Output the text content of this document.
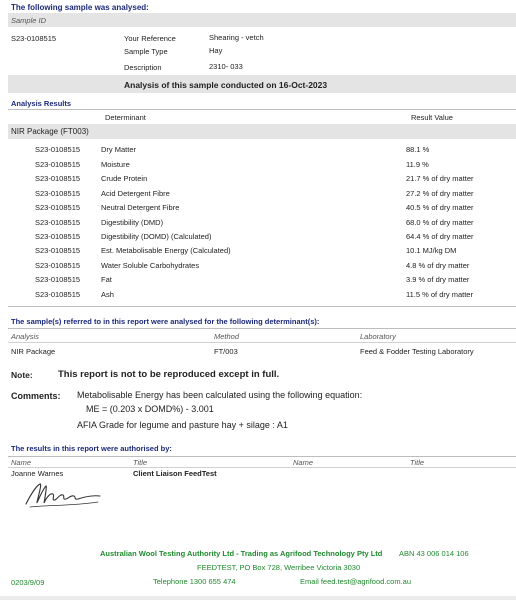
The following sample was analysed:
Sample ID
S23-0108515	Your Reference	Shearing - vetch
Sample Type	Hay
Description	2310- 033
Analysis of this sample conducted on 16-Oct-2023
Analysis Results
Determinant	Result Value
NIR Package (FT003)
S23-0108515	Dry Matter	88.1 %
S23-0108515	Moisture	11.9 %
S23-0108515	Crude Protein	21.7 % of dry matter
S23-0108515	Acid Detergent Fibre	27.2 % of dry matter
S23-0108515	Neutral Detergent Fibre	40.5 % of dry matter
S23-0108515	Digestibility (DMD)	68.0 % of dry matter
S23-0108515	Digestibility (DOMD) (Calculated)	64.4 % of dry matter
S23-0108515	Est. Metabolisable Energy (Calculated)	10.1 MJ/kg DM
S23-0108515	Water Soluble Carbohydrates	4.8 % of dry matter
S23-0108515	Fat	3.9 % of dry matter
S23-0108515	Ash	11.5 % of dry matter
The sample(s) referred to in this report were analysed for the following determinant(s):
Analysis	Method	Laboratory
NIR Package	FT/003	Feed & Fodder Testing Laboratory
Note:	This report is not to be reproduced except in full.
Comments: Metabolisable Energy has been calculated using the following equation:
ME = (0.203 x DOMD%) - 3.001
AFIA Grade for legume and pasture hay + silage : A1
The results in this report were authorised by:
Name	Title	Name	Title
Joanne Warnes	Client Liaison FeedTest
Australian Wool Testing Authority Ltd - Trading as Agrifood Technology Pty Ltd ABN 43 006 014 106
FEEDTEST, PO Box 728, Werribee Victoria 3030
0203/9/09	Telephone 1300 655 474	Email feed.test@agrifood.com.au
